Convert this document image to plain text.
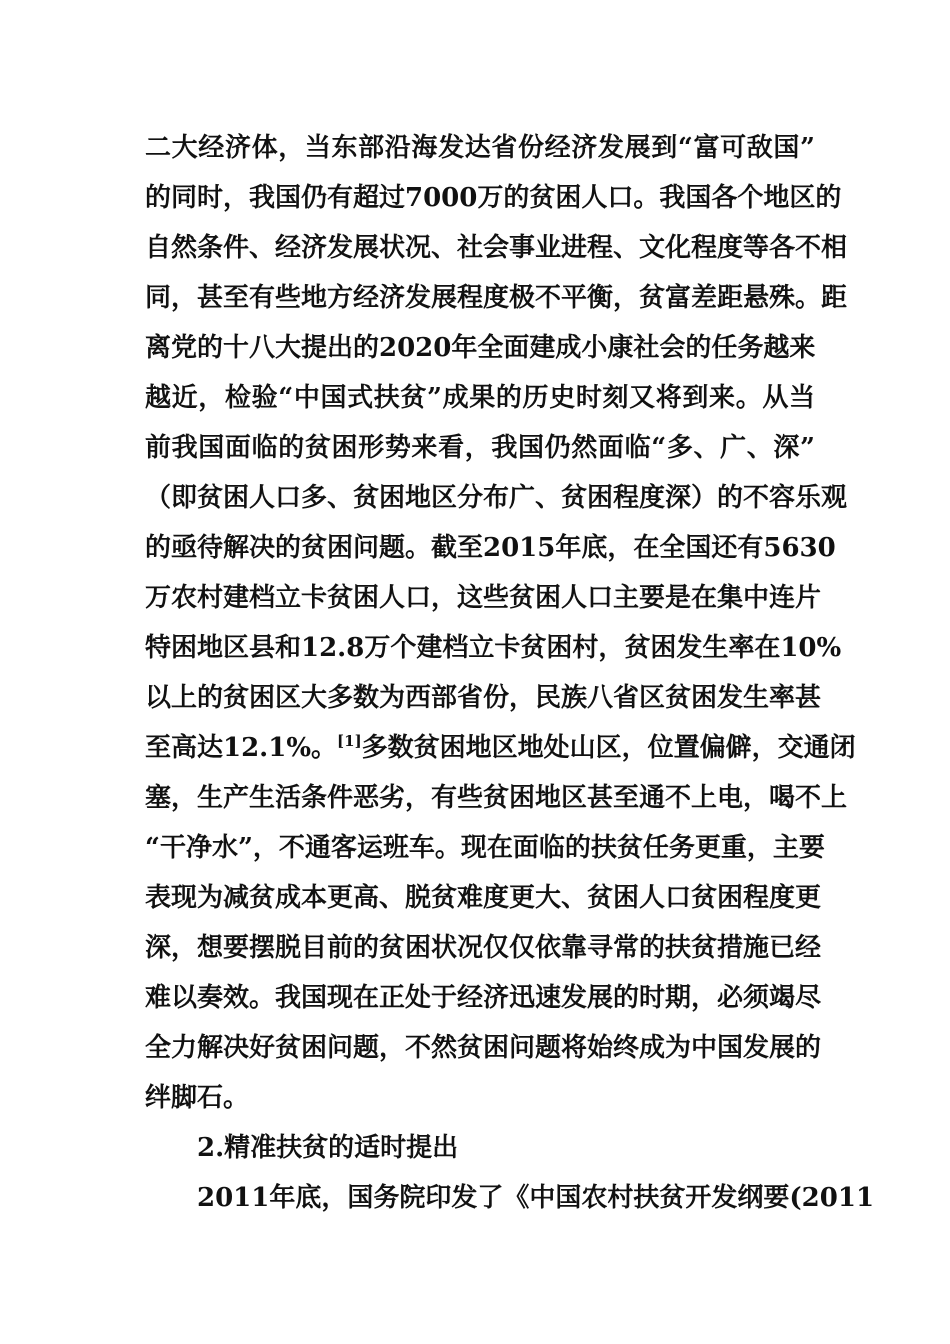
二大经济体，当东部沿海发达省份经济发展到“富可敌国”
的同时，我国仍有超过7000万的贫困人口。我国各个地区的
自然条件、经济发展状况、社会事业进程、文化程度等各不相
同，甚至有些地方经济发展程度极不平衡，贫富差距悬殊。距
离党的十八大提出的2020年全面建成小康社会的任务越来
越近，检验“中国式扶贫”成果的历史时刻又将到来。从当
前我国面临的贫困形势来看，我国仍然面临“多、广、深”
（即贫困人口多、贫困地区分布广、贫困程度深）的不容乐观
的亟待解决的贫困问题。截至2015年底，在全国还有5630
万农村建档立卡贫困人口，这些贫困人口主要是在集中连片
特困地区县和12.8万个建档立卡贫困村，贫困发生率在10%
以上的贫困区大多数为西部省份，民族八省区贫困发生率甚
至高达12.1%。[1]多数贫困地区地处山区，位置偏僻，交通闭
塞，生产生活条件恶劣，有些贫困地区甚至通不上电，喝不上
“干净水”，不通客运班车。现在面临的扶贫任务更重，主要
表现为减贫成本更高、脱贫难度更大、贫困人口贫困程度更
深，想要摆脱目前的贫困状况仅仅依靠寻常的扶贫措施已经
难以奏效。我国现在正处于经济迅速发展的时期，必须竭尽
全力解决好贫困问题，不然贫困问题将始终成为中国发展的
绊脚石。
2.精准扶贫的适时提出
2011年底，国务院印发了《中国农村扶贫开发纲要(2011
